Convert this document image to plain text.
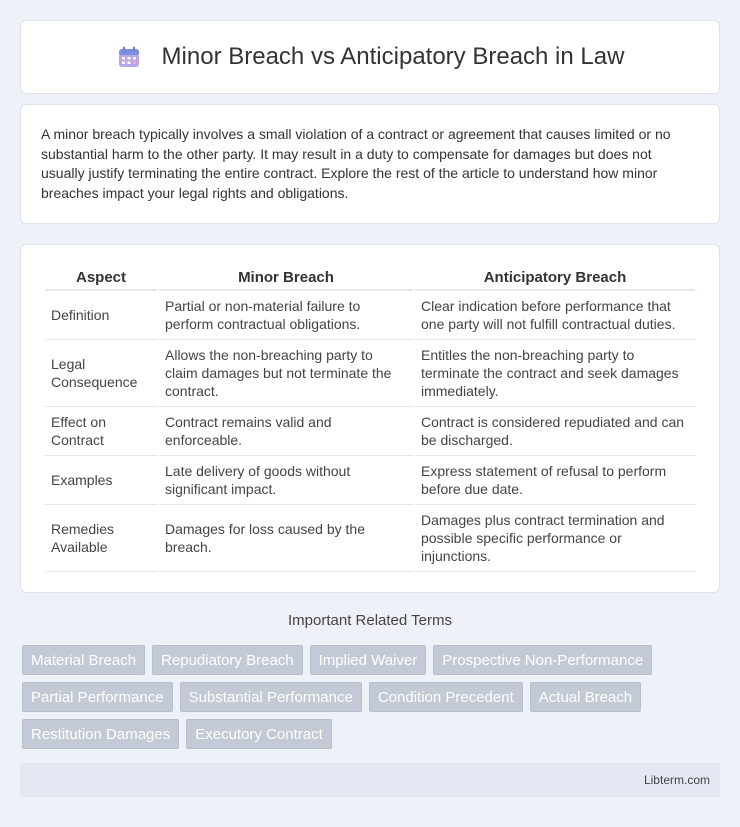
Minor Breach vs Anticipatory Breach in Law

A minor breach typically involves a small violation of a contract or agreement that causes limited or no substantial harm to the other party. It may result in a duty to compensate for damages but does not usually justify terminating the entire contract. Explore the rest of the article to understand how minor breaches impact your legal rights and obligations.

Aspect	Minor Breach	Anticipatory Breach
Definition	Partial or non-material failure to perform contractual obligations.	Clear indication before performance that one party will not fulfill contractual duties.
Legal Consequence	Allows the non-breaching party to claim damages but not terminate the contract.	Entitles the non-breaching party to terminate the contract and seek damages immediately.
Effect on Contract	Contract remains valid and enforceable.	Contract is considered repudiated and can be discharged.
Examples	Late delivery of goods without significant impact.	Express statement of refusal to perform before due date.
Remedies Available	Damages for loss caused by the breach.	Damages plus contract termination and possible specific performance or injunctions.
Important Related Terms
Material Breach	Repudiatory Breach	Implied Waiver	Prospective Non-Performance
Partial Performance	Substantial Performance	Condition Precedent	Actual Breach
Restitution Damages	Executory Contract
Libterm.com
